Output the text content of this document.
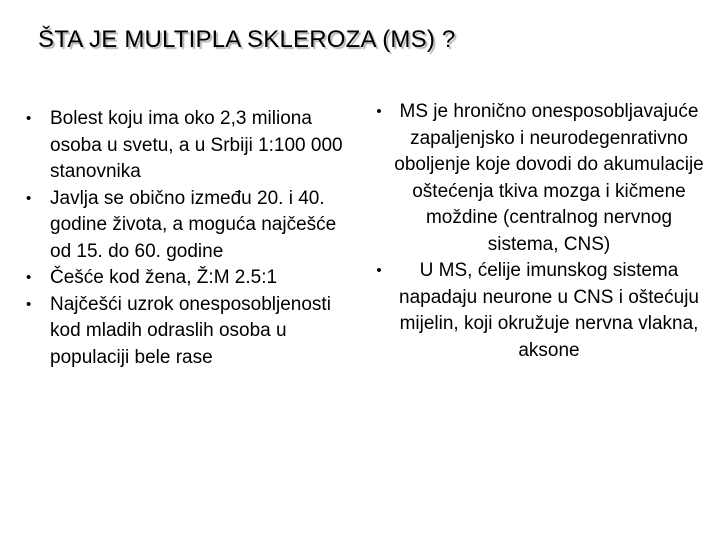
ŠTA JE MULTIPLA SKLEROZA (MS) ?
• Bolest koju ima oko 2,3 miliona osoba u svetu, a u Srbiji 1:100 000 stanovnika
• Javlja se obično između 20. i 40. godine života, a moguća najčešće od 15. do 60. godine
• Češće kod žena, Ž:M 2.5:1
• Najčešći uzrok onesposobljenosti kod mladih odraslih osoba u populaciji bele rase
• MS je hronično onesposobljavajuće zapaljenjsko i neurodegenrativno oboljenje koje dovodi do akumulacije oštećenja tkiva mozga i kičmene moždine (centralnog nervnog sistema, CNS)
•	U MS, ćelije imunskog sistema napadaju neurone u CNS i oštećuju mijelin, koji okružuje nervna vlakna, aksone
